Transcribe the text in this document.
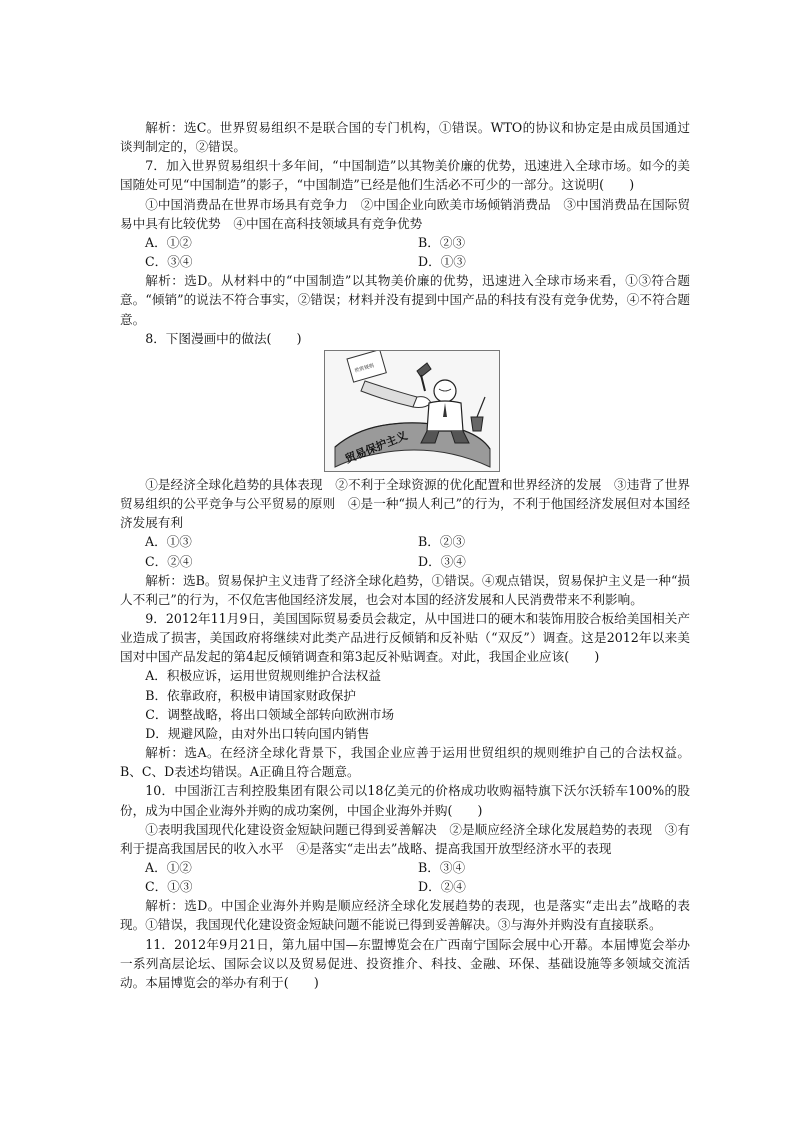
解析：选C。世界贸易组织不是联合国的专门机构，①错误。WTO的协议和协定是由成员国通过谈判制定的，②错误。

7．加入世界贸易组织十多年间，“中国制造”以其物美价廉的优势，迅速进入全球市场。如今的美国随处可见“中国制造”的影子，“中国制造”已经是他们生活必不可少的一部分。这说明(　　)

①中国消费品在世界市场具有竞争力　②中国企业向欧美市场倾销消费品　③中国消费品在国际贸易中具有比较优势　④中国在高科技领域具有竞争优势

A．①②	B．②③
C．③④	D．①③

解析：选D。从材料中的“中国制造”以其物美价廉的优势，迅速进入全球市场来看，①③符合题意。“倾销”的说法不符合事实，②错误；材料并没有提到中国产品的科技有没有竞争优势，④不符合题意。

8．下图漫画中的做法(　　)

贸易保护主义
世贸规则

①是经济全球化趋势的具体表现　②不利于全球资源的优化配置和世界经济的发展　③违背了世界贸易组织的公平竞争与公平贸易的原则　④是一种“损人利己”的行为，不利于他国经济发展但对本国经济发展有利

A．①③	B．②③
C．②④	D．③④

解析：选B。贸易保护主义违背了经济全球化趋势，①错误。④观点错误，贸易保护主义是一种“损人不利己”的行为，不仅危害他国经济发展，也会对本国的经济发展和人民消费带来不利影响。

9．2012年11月9日，美国国际贸易委员会裁定，从中国进口的硬木和装饰用胶合板给美国相关产业造成了损害，美国政府将继续对此类产品进行反倾销和反补贴（“双反”）调查。这是2012年以来美国对中国产品发起的第4起反倾销调查和第3起反补贴调查。对此，我国企业应该(　　)

A．积极应诉，运用世贸规则维护合法权益

B．依靠政府，积极申请国家财政保护

C．调整战略，将出口领域全部转向欧洲市场

D．规避风险，由对外出口转向国内销售

解析：选A。在经济全球化背景下，我国企业应善于运用世贸组织的规则维护自己的合法权益。B、C、D表述均错误。A正确且符合题意。

10．中国浙江吉利控股集团有限公司以18亿美元的价格成功收购福特旗下沃尔沃轿车100%的股份，成为中国企业海外并购的成功案例，中国企业海外并购(　　)

①表明我国现代化建设资金短缺问题已得到妥善解决　②是顺应经济全球化发展趋势的表现　③有利于提高我国居民的收入水平　④是落实“走出去”战略、提高我国开放型经济水平的表现

A．①②	B．③④
C．①③	D．②④

解析：选D。中国企业海外并购是顺应经济全球化发展趋势的表现，也是落实“走出去”战略的表现。①错误，我国现代化建设资金短缺问题不能说已得到妥善解决。③与海外并购没有直接联系。

11．2012年9月21日，第九届中国—东盟博览会在广西南宁国际会展中心开幕。本届博览会举办一系列高层论坛、国际会议以及贸易促进、投资推介、科技、金融、环保、基础设施等多领域交流活动。本届博览会的举办有利于(　　)
